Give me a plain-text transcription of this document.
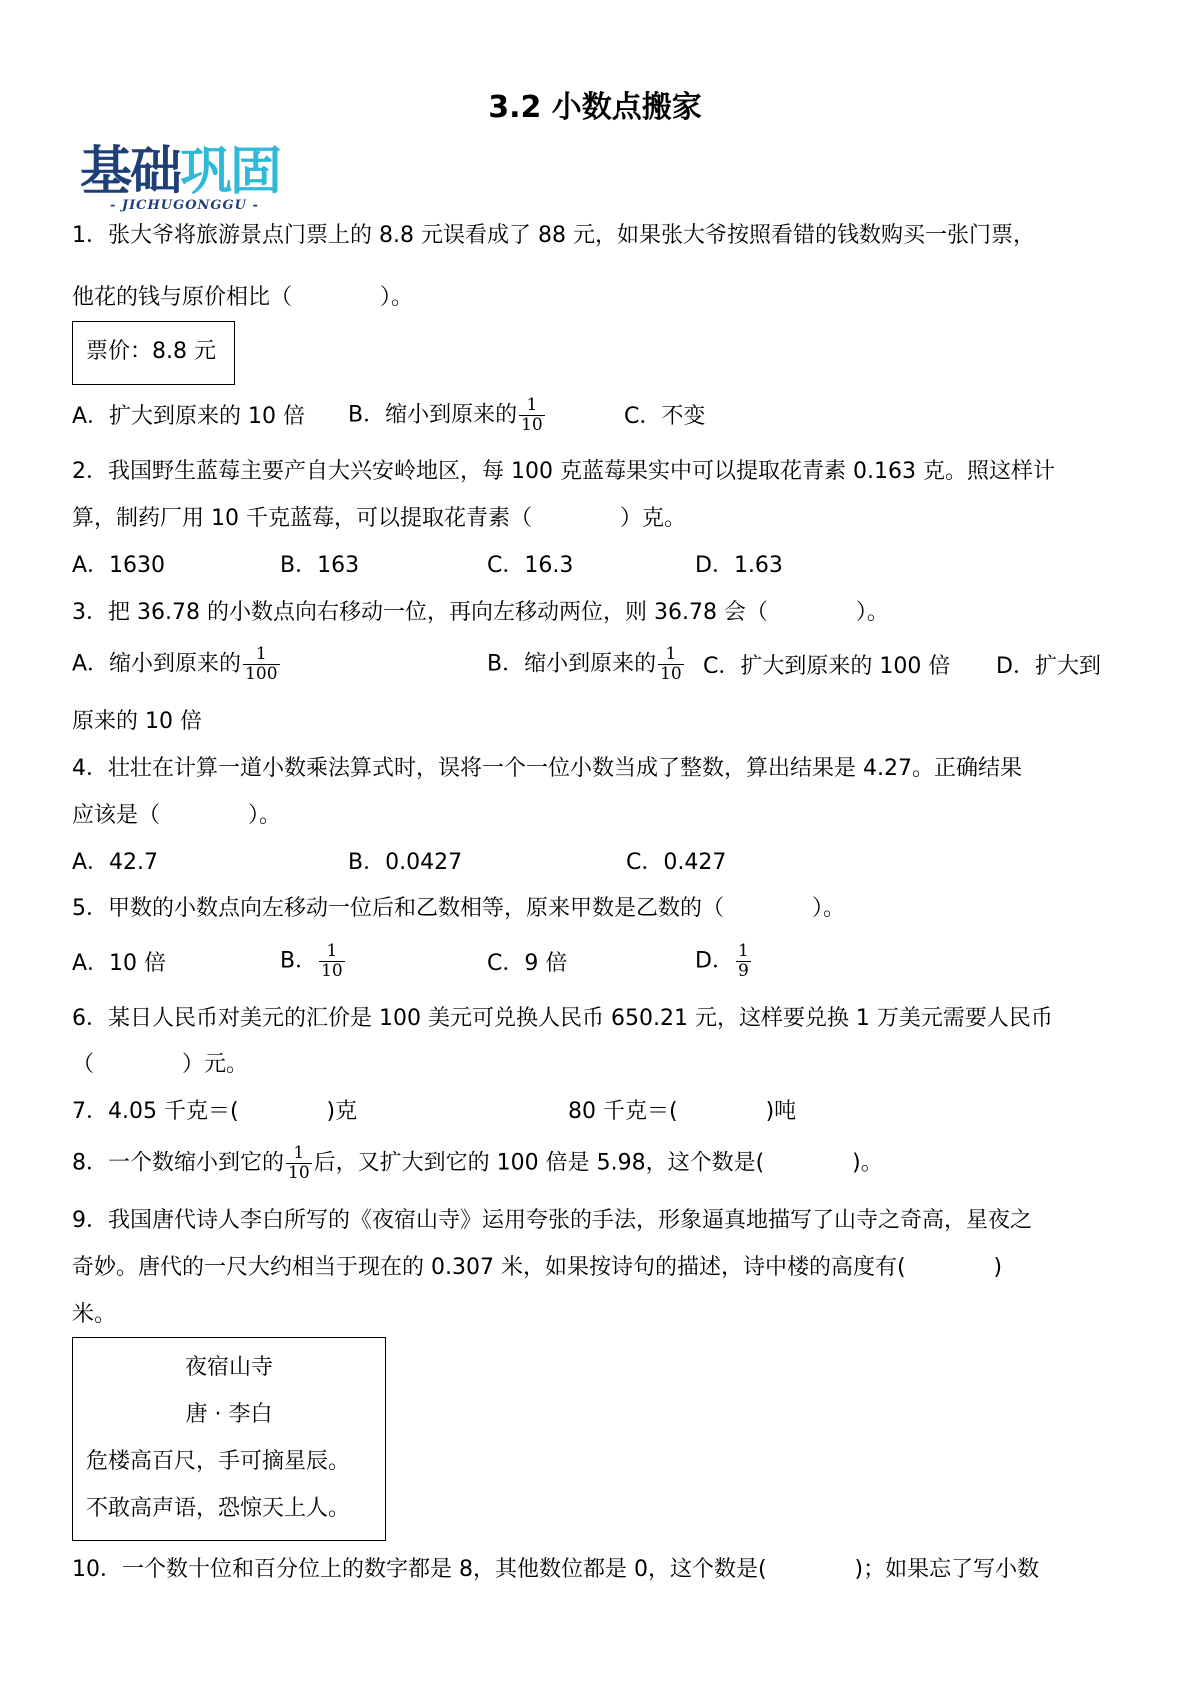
3.2 小数点搬家
基础巩固
- JICHUGONGGU -
1．张大爷将旅游景点门票上的 8.8 元误看成了 88 元，如果张大爷按照看错的钱数购买一张门票，
他花的钱与原价相比（　　　　）。
票价：8.8 元
A．扩大到原来的 10 倍 B．缩小到原来的 $\frac{1}{10}$	C．不变
2．我国野生蓝莓主要产自大兴安岭地区，每 100 克蓝莓果实中可以提取花青素 0.163 克。照这样计
算，制药厂用 10 千克蓝莓，可以提取花青素（　　　　）克。
A．1630	B．163	C．16.3	D．1.63
3．把 36.78 的小数点向右移动一位，再向左移动两位，则 36.78 会（　　　　）。
A．缩小到原来的 $\frac{1}{100}$	B．缩小到原来的 $\frac{1}{10}$ C．扩大到原来的 100 倍 D．扩大到
原来的 10 倍
4．壮壮在计算一道小数乘法算式时，误将一个一位小数当成了整数，算出结果是 4.27。正确结果
应该是（　　　　）。
A．42.7	B．0.0427	C．0.427
5．甲数的小数点向左移动一位后和乙数相等，原来甲数是乙数的（　　　　）。
A．10 倍	B． $\frac{1}{10}$	C．9 倍	D． $\frac{1}{9}$
6．某日人民币对美元的汇价是 100 美元可兑换人民币 650.21 元，这样要兑换 1 万美元需要人民币
（　　　　）元。
7．4.05 千克＝(　　　　)克	80 千克＝(　　　　)吨
8．一个数缩小到它的 $\frac{1}{10}$ 后，又扩大到它的 100 倍是 5.98，这个数是(　　　　)。
9．我国唐代诗人李白所写的《夜宿山寺》运用夸张的手法，形象逼真地描写了山寺之奇高，星夜之
奇妙。唐代的一尺大约相当于现在的 0.307 米，如果按诗句的描述，诗中楼的高度有(　　　　)
米。
夜宿山寺
唐 · 李白
危楼高百尺，手可摘星辰。
不敢高声语，恐惊天上人。
10．一个数十位和百分位上的数字都是 8，其他数位都是 0，这个数是(　　　　)；如果忘了写小数
